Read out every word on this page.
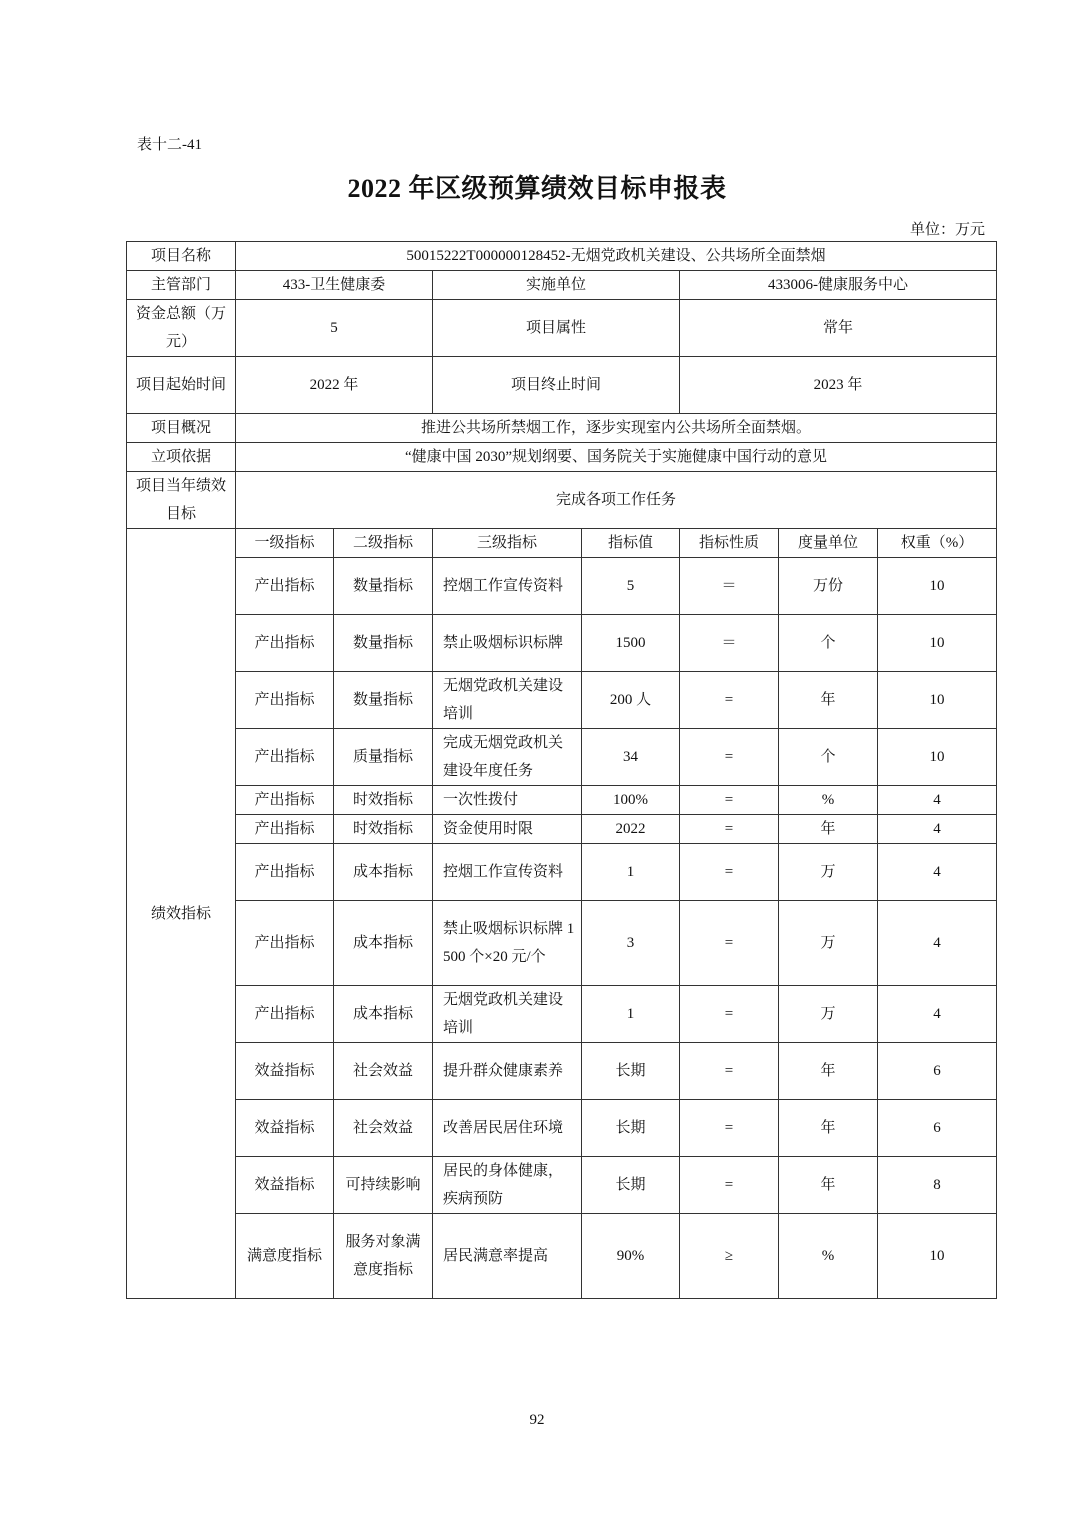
表十二-41
2022 年区级预算绩效目标申报表
单位：万元
项目名称	50015222T000000128452-无烟党政机关建设、公共场所全面禁烟						
主管部门	433-卫生健康委		实施单位		433006-健康服务中心		
资金总额（万元）	5		项目属性		常年		
项目起始时间	2022 年		项目终止时间		2023 年		
项目概况	推进公共场所禁烟工作，逐步实现室内公共场所全面禁烟。						
立项依据	“健康中国 2030”规划纲要、国务院关于实施健康中国行动的意见						
项目当年绩效目标	完成各项工作任务						
绩效指标	一级指标	二级指标	三级指标	指标值	指标性质	度量单位	权重（%）
	产出指标	数量指标	控烟工作宣传资料	5	＝	万份	10
	产出指标	数量指标	禁止吸烟标识标牌	1500	＝	个	10
	产出指标	数量指标	无烟党政机关建设培训	200 人	=	年	10
	产出指标	质量指标	完成无烟党政机关建设年度任务	34	=	个	10
	产出指标	时效指标	一次性拨付	100%	=	%	4
	产出指标	时效指标	资金使用时限	2022	=	年	4
	产出指标	成本指标	控烟工作宣传资料	1	=	万	4
	产出指标	成本指标	禁止吸烟标识标牌 1500 个×20 元/个	3	=	万	4
	产出指标	成本指标	无烟党政机关建设培训	1	=	万	4
	效益指标	社会效益	提升群众健康素养	长期	=	年	6
	效益指标	社会效益	改善居民居住环境	长期	=	年	6
	效益指标	可持续影响	居民的身体健康，疾病预防	长期	=	年	8
	满意度指标	服务对象满意度指标	居民满意率提高	90%	≥	%	10
92
